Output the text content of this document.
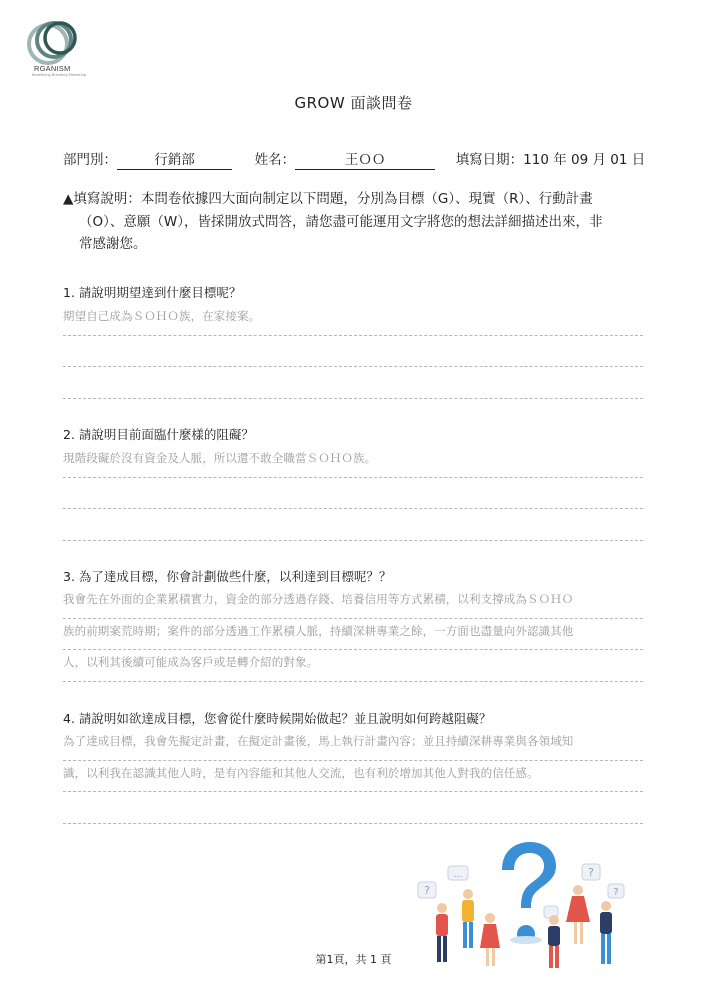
RGANISM
Redefining Branding Marketing
GROW 面談問卷
部門別：	行銷部	姓名：	王ＯＯ	填寫日期：110 年 09 月 01 日
▲填寫說明：本問卷依據四大面向制定以下問題，分別為目標（G）、現實（R）、行動計畫
（O）、意願（W），皆採開放式問答，請您盡可能運用文字將您的想法詳細描述出來，非
常感謝您。
1. 請說明期望達到什麼目標呢？
期望自己成為ＳＯＨＯ族，在家接案。
2. 請說明目前面臨什麼樣的阻礙？
現階段礙於沒有資金及人脈，所以還不敢全職當ＳＯＨＯ族。
3. 為了達成目標，你會計劃做些什麼，以利達到目標呢？？
我會先在外面的企業累積實力，資金的部分透過存錢、培養信用等方式累積，以利支撐成為ＳＯＨＯ
族的前期案荒時期；案件的部分透過工作累積人脈，持續深耕專業之餘，一方面也盡量向外認識其他
人，以利其後續可能成為客戶或是轉介紹的對象。
4. 請說明如欲達成目標，您會從什麼時候開始做起？並且說明如何跨越阻礙？
為了達成目標，我會先擬定計畫，在擬定計畫後，馬上執行計畫內容；並且持續深耕專業與各領域知
識，以利我在認識其他人時，是有內容能和其他人交流，也有利於增加其他人對我的信任感。
?
…	?
?
第1頁，共 1 頁
